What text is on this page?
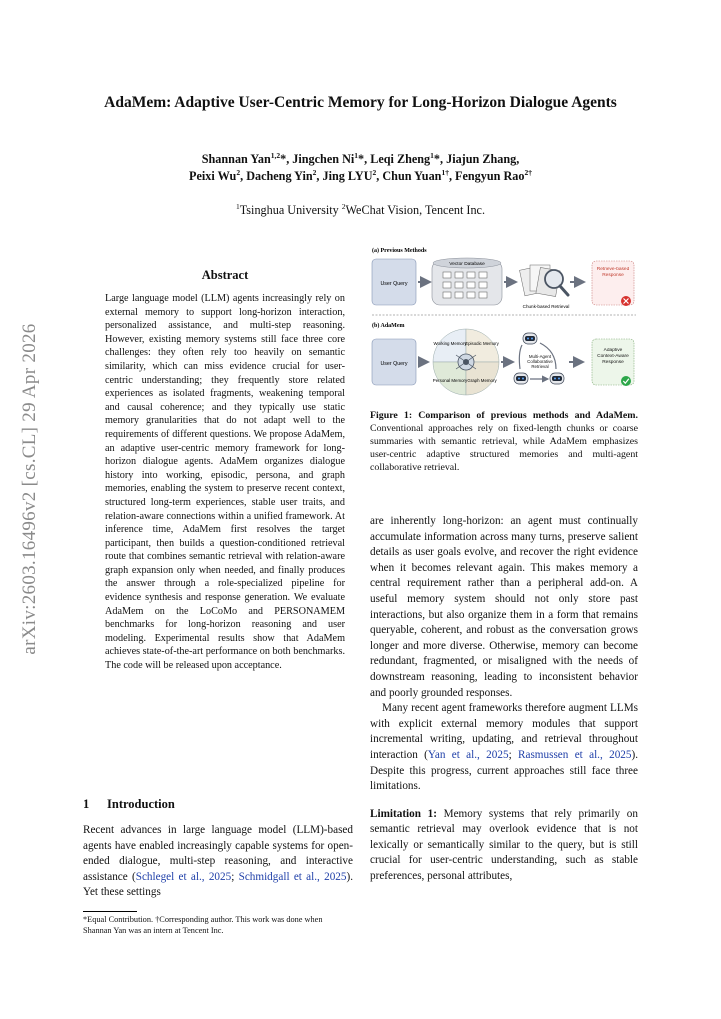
AdaMem: Adaptive User-Centric Memory for Long-Horizon Dialogue Agents
Shannan Yan$^{1,2}$*, Jingchen Ni$^1$*, Leqi Zheng$^1$*, Jiajun Zhang,
Peixi Wu$^2$, Dacheng Yin$^2$, Jing LYU$^2$, Chun Yuan$^{1\dagger}$, Fengyun Rao$^{2\dagger}$
$^1$Tsinghua University $^2$WeChat Vision, Tencent Inc.
arXiv:2603.16496v2 [cs.CL] 29 Apr 2026
Abstract

Large language model (LLM) agents increasingly rely on external memory to support long-horizon interaction, personalized assistance, and multi-step reasoning. However, existing memory systems still face three core challenges: they often rely too heavily on semantic similarity, which can miss evidence crucial for user-centric understanding; they frequently store related experiences as isolated fragments, weakening temporal and causal coherence; and they typically use static memory granularities that do not adapt well to the requirements of different questions. We propose AdaMem, an adaptive user-centric memory framework for long-horizon dialogue agents. AdaMem organizes dialogue history into working, episodic, persona, and graph memories, enabling the system to preserve recent context, structured long-term experiences, stable user traits, and relation-aware connections within a unified framework. At inference time, AdaMem first resolves the target participant, then builds a question-conditioned retrieval route that combines semantic retrieval with relation-aware graph expansion only when needed, and finally produces the answer through a role-specialized pipeline for evidence synthesis and response generation. We evaluate AdaMem on the LoCoMo and PERSONAMEM benchmarks for long-horizon reasoning and user modeling. Experimental results show that AdaMem achieves state-of-the-art performance on both benchmarks. The code will be released upon acceptance.

1 Introduction

Recent advances in large language model (LLM)-based agents have enabled increasingly capable systems for open-ended dialogue, multi-step reasoning, and interactive assistance (Schlegel et al., 2025; Schmidgall et al., 2025). Yet these settings

*Equal Contribution. †Corresponding author. This work was done when Shannan Yan was an intern at Tencent Inc.
(a) Previous Methods
User Query
Vector Database
Chunk-based Retrieval
Retrieve-based Response
(b) AdaMem
User Query
Working Memory
Episodic Memory
Personal Memory Graph Memory
Multi-Agent Collaborative Retrieval
Adaptive Context-Aware Response
Figure 1: Comparison of previous methods and AdaMem. Conventional approaches rely on fixed-length chunks or coarse summaries with semantic retrieval, while AdaMem emphasizes user-centric adaptive structured memories and multi-agent collaborative retrieval.

are inherently long-horizon: an agent must continually accumulate information across many turns, preserve salient details as user goals evolve, and recover the right evidence when it becomes relevant again. This makes memory a central requirement rather than a peripheral add-on. A useful memory system should not only store past interactions, but also organize them in a form that remains queryable, coherent, and robust as the conversation grows longer and more diverse. Otherwise, memory can become redundant, fragmented, or misaligned with the needs of downstream reasoning, leading to inconsistent behavior and poorly grounded responses.

Many recent agent frameworks therefore augment LLMs with explicit external memory modules that support incremental writing, updating, and retrieval throughout interaction (Yan et al., 2025; Rasmussen et al., 2025). Despite this progress, current approaches still face three limitations.

Limitation 1: Memory systems that rely primarily on semantic retrieval may overlook evidence that is not lexically or semantically similar to the query, but is still crucial for user-centric understanding, such as stable preferences, personal attributes,
